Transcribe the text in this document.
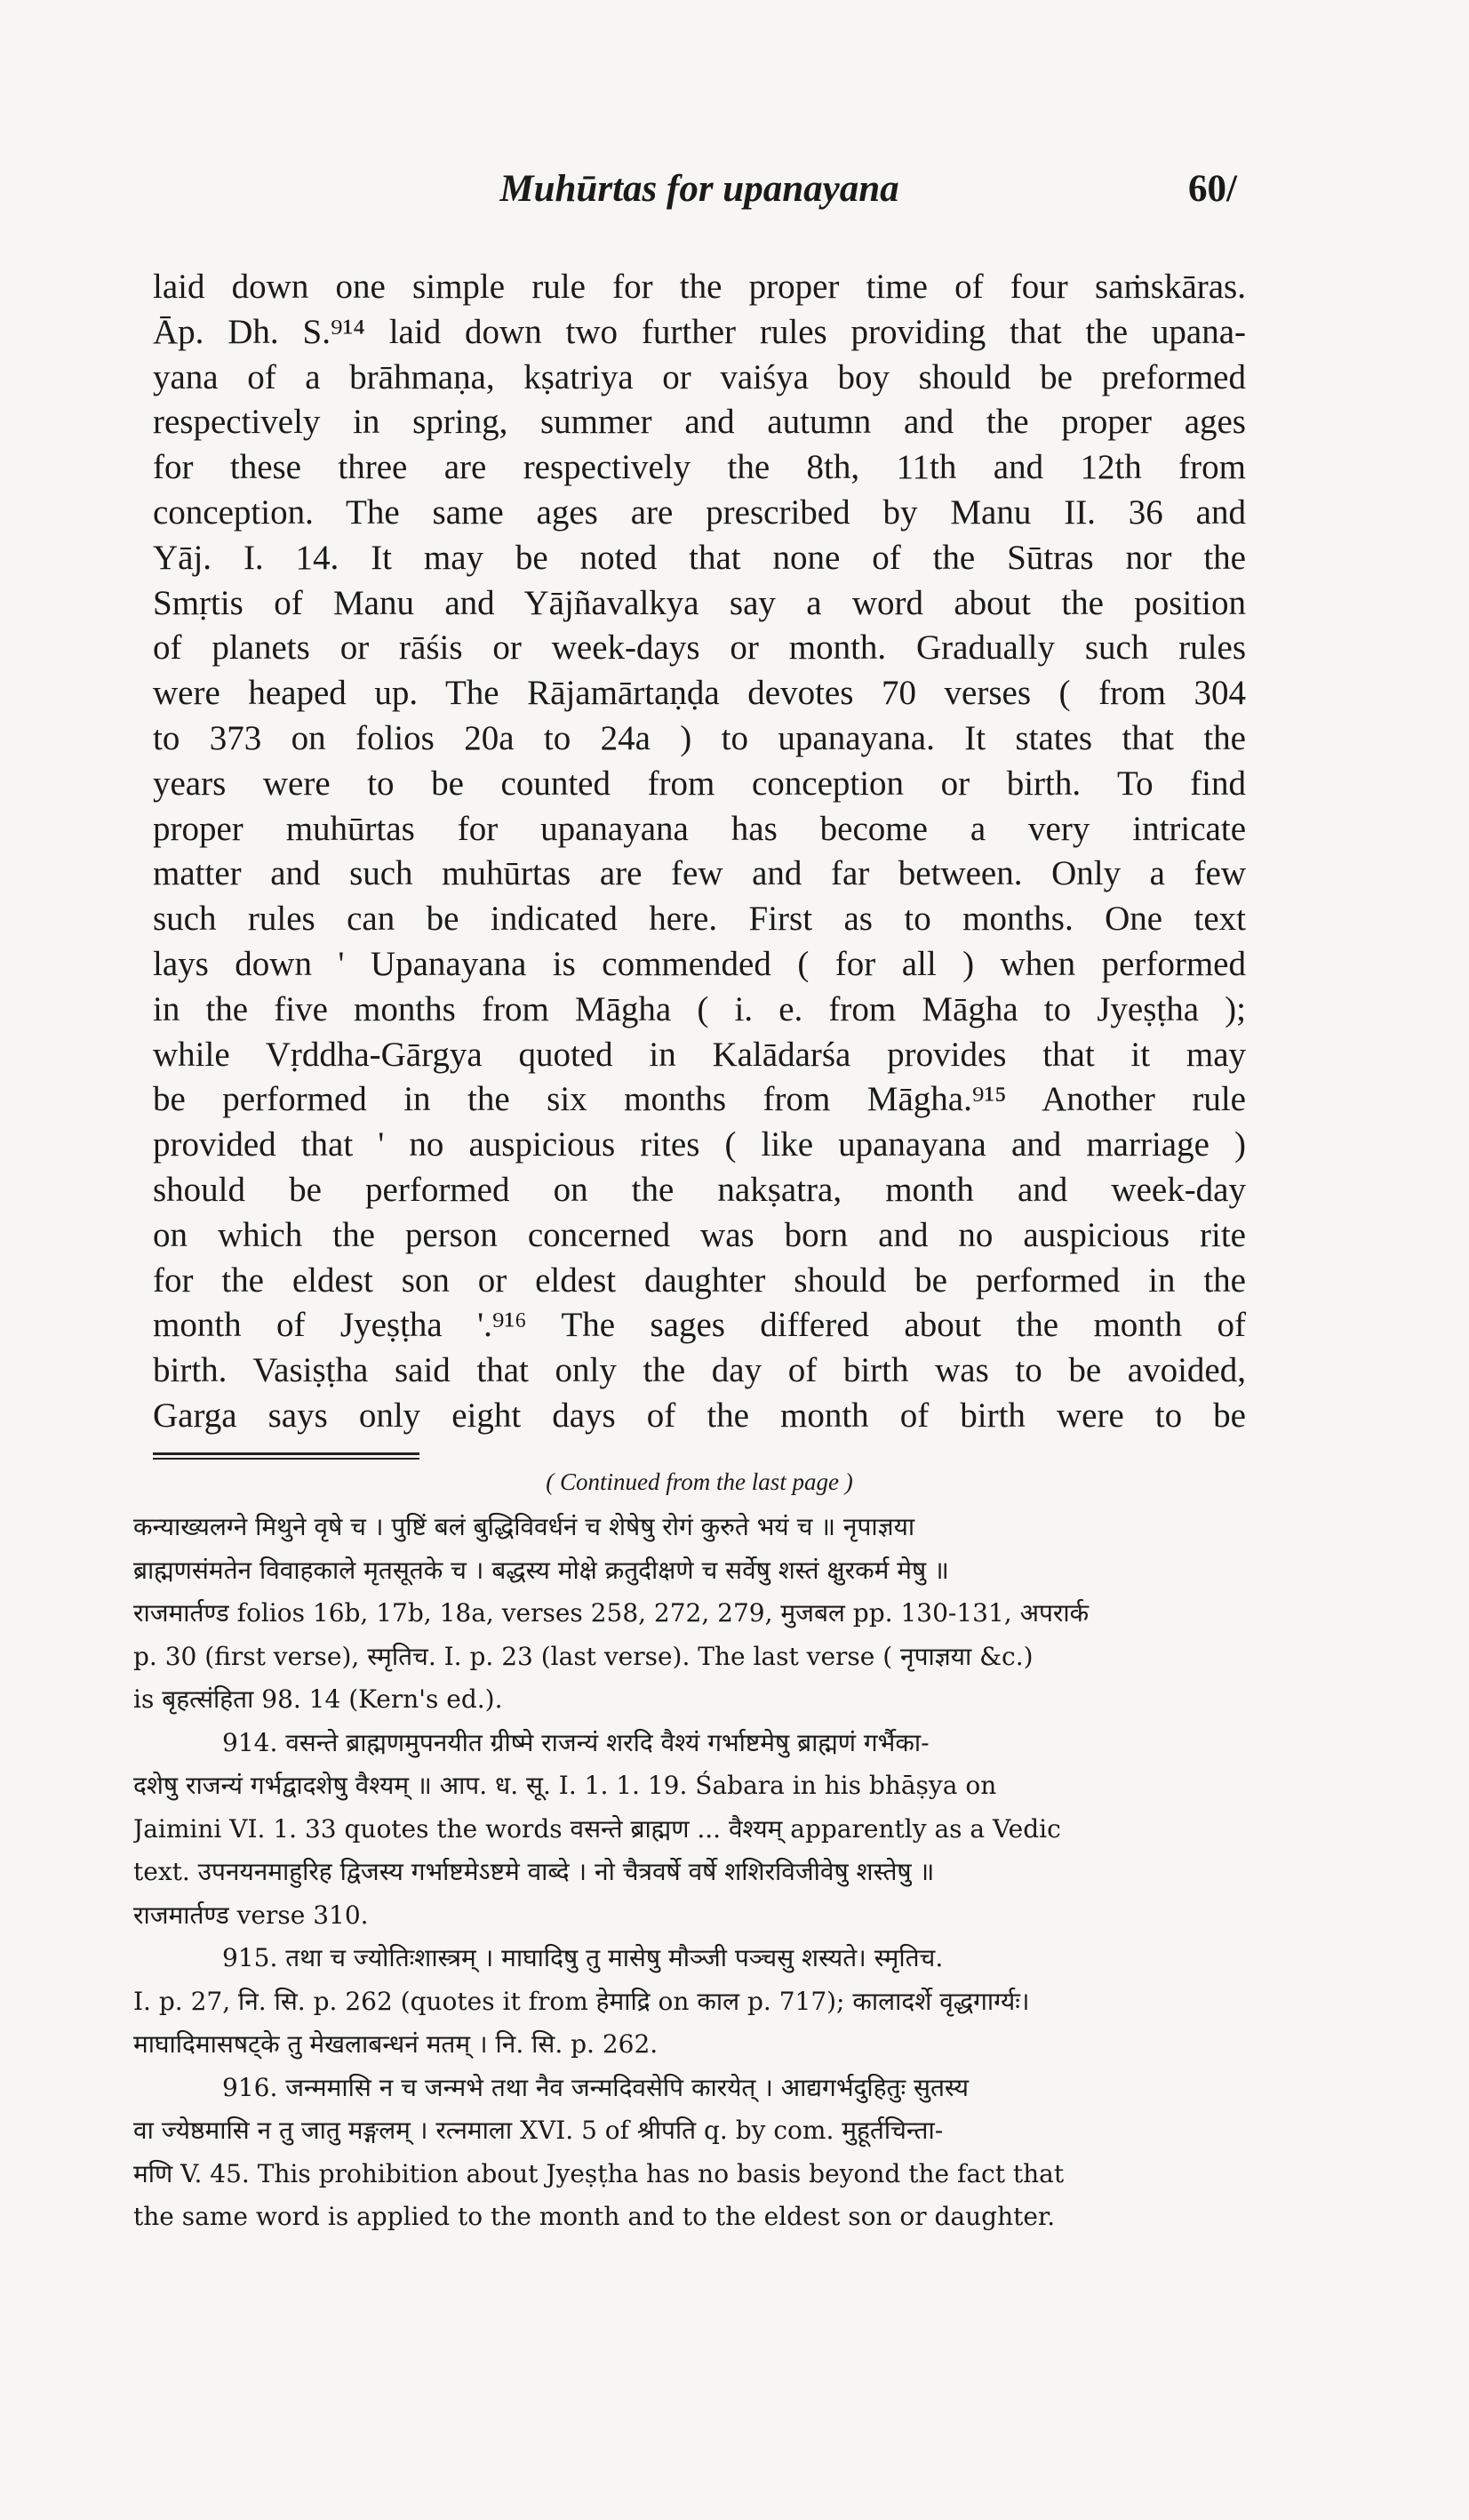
Muhūrtas for upanayana	60/
laid down one simple rule for the proper time of four saṁskāras.
Āp. Dh. S.⁹¹⁴ laid down two further rules providing that the upana-
yana of a brāhmaṇa, kṣatriya or vaiśya boy should be preformed
respectively in spring, summer and autumn and the proper ages
for these three are respectively the 8th, 11th and 12th from
conception. The same ages are prescribed by Manu II. 36 and
Yāj. I. 14. It may be noted that none of the Sūtras nor the
Smṛtis of Manu and Yājñavalkya say a word about the position
of planets or rāśis or week-days or month. Gradually such rules
were heaped up. The Rājamārtaṇḍa devotes 70 verses ( from 304
to 373 on folios 20a to 24a ) to upanayana. It states that the
years were to be counted from conception or birth. To find
proper muhūrtas for upanayana has become a very intricate
matter and such muhūrtas are few and far between. Only a few
such rules can be indicated here. First as to months. One text
lays down ' Upanayana is commended ( for all ) when performed
in the five months from Māgha ( i. e. from Māgha to Jyeṣṭha );
while Vṛddha-Gārgya quoted in Kalādarśa provides that it may
be performed in the six months from Māgha.⁹¹⁵ Another rule
provided that ' no auspicious rites ( like upanayana and marriage )
should be performed on the nakṣatra, month and week-day
on which the person concerned was born and no auspicious rite
for the eldest son or eldest daughter should be performed in the
month of Jyeṣṭha '.⁹¹⁶ The sages differed about the month of
birth. Vasiṣṭha said that only the day of birth was to be avoided,
Garga says only eight days of the month of birth were to be
( Continued from the last page )
कन्याख्यलग्ने मिथुने वृषे च । पुष्टिं बलं बुद्धिविवर्धनं च शेषेषु रोगं कुरुते भयं च ॥ नृपाज्ञया
ब्राह्मणसंमतेन विवाहकाले मृतसूतके च । बद्धस्य मोक्षे क्रतुदीक्षणे च सर्वेषु शस्तं क्षुरकर्म मेषु ॥
राजमार्तण्ड folios 16b, 17b, 18a, verses 258, 272, 279, मुजबल pp. 130-131, अपरार्क
p. 30 (first verse), स्मृतिच. I. p. 23 (last verse). The last verse ( नृपाज्ञया &c.)
is बृहत्संहिता 98. 14 (Kern's ed.).
914. वसन्ते ब्राह्मणमुपनयीत ग्रीष्मे राजन्यं शरदि वैश्यं गर्भाष्टमेषु ब्राह्मणं गर्भैका-
दशेषु राजन्यं गर्भद्वादशेषु वैश्यम् ॥ आप. ध. सू. I. 1. 1. 19. Śabara in his bhāṣya on
Jaimini VI. 1. 33 quotes the words वसन्ते ब्राह्मण ... वैश्यम् apparently as a Vedic
text. उपनयनमाहुरिह द्विजस्य गर्भाष्टमेऽष्टमे वाब्दे । नो चैत्रवर्षे वर्षे शशिरविजीवेषु शस्तेषु ॥
राजमार्तण्ड verse 310.
915. तथा च ज्योतिःशास्त्रम् । माघादिषु तु मासेषु मौञ्जी पञ्चसु शस्यते। स्मृतिच.
I. p. 27, नि. सि. p. 262 (quotes it from हेमाद्रि on काल p. 717); कालादर्शे वृद्धगार्ग्यः।
माघादिमासषट्के तु मेखलाबन्धनं मतम् । नि. सि. p. 262.
916. जन्ममासि न च जन्मभे तथा नैव जन्मदिवसेपि कारयेत् । आद्यगर्भदुहितुः सुतस्य
वा ज्येष्ठमासि न तु जातु मङ्गलम् । रत्नमाला XVI. 5 of श्रीपति q. by com. मुहूर्तचिन्ता-
मणि V. 45. This prohibition about Jyeṣṭha has no basis beyond the fact that
the same word is applied to the month and to the eldest son or daughter.
